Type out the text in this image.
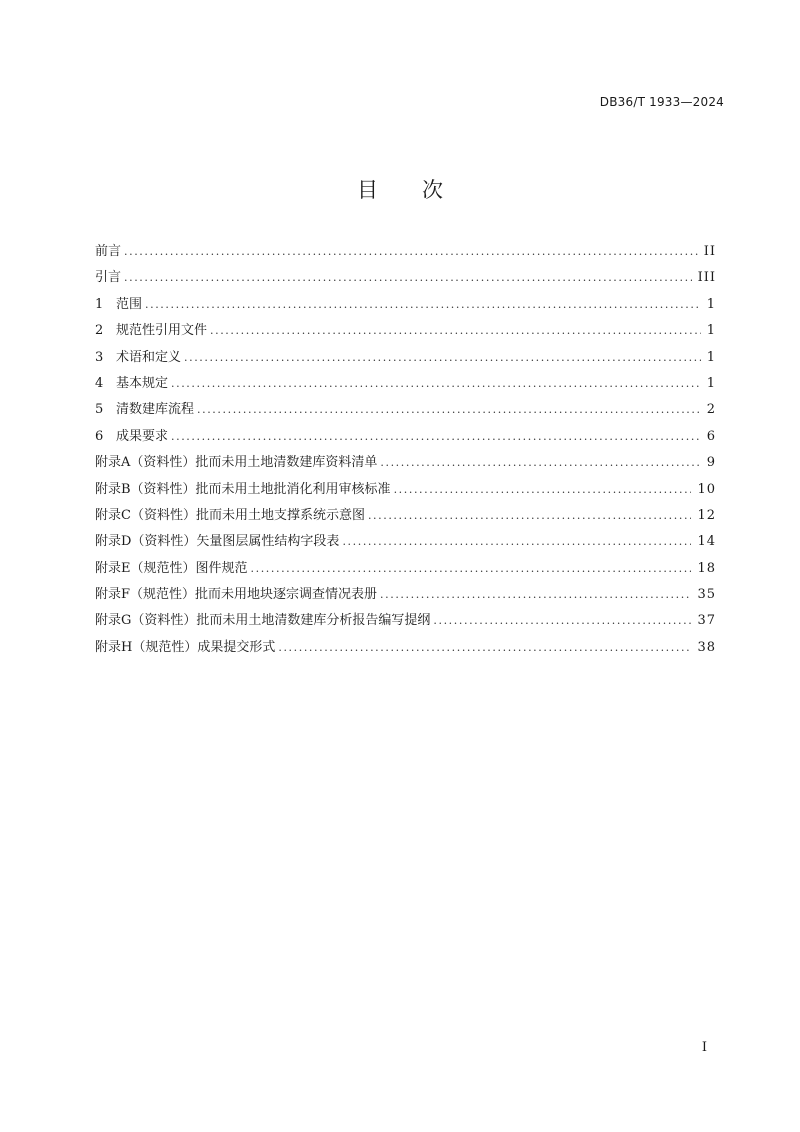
DB36/T 1933—2024
目次
前言 .....	II
引言 .....	III
1 范围 .....	1
2 规范性引用文件 .....	1
3 术语和定义 .....	1
4 基本规定 .....	1
5 清数建库流程 .....	2
6 成果要求 .....	6
附录A（资料性）批而未用土地清数建库资料清单 .....	9
附录B（资料性）批而未用土地批消化利用审核标准 .....	10
附录C（资料性）批而未用土地支撑系统示意图 .....	12
附录D（资料性）矢量图层属性结构字段表 .....	14
附录E（规范性）图件规范 .....	18
附录F（规范性）批而未用地块逐宗调查情况表册 .....	35
附录G（资料性）批而未用土地清数建库分析报告编写提纲 .....	37
附录H（规范性）成果提交形式 .....	38
I
